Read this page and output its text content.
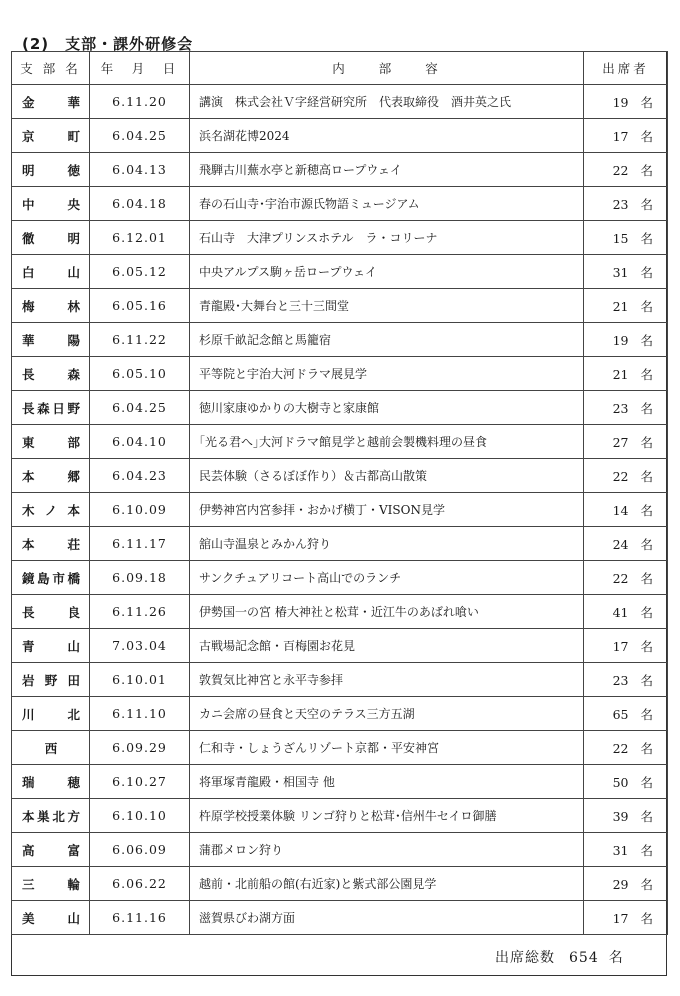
(2)　支部・課外研修会
支 部 名	年　月　日	内　　部　　容	出席者

金華	6.11.20	講演　株式会社Ｖ字経営研究所　代表取締役　酒井英之氏	19 名

京町	6.04.25	浜名湖花博2024	17 名

明徳	6.04.13	飛騨古川蕪水亭と新穂高ロープウェイ	22 名

中央	6.04.18	春の石山寺･宇治市源氏物語ミュージアム	23 名

徹明	6.12.01	石山寺　大津プリンスホテル　ラ・コリーナ	15 名

白山	6.05.12	中央アルプス駒ヶ岳ロープウェイ	31 名

梅林	6.05.16	青龍殿･大舞台と三十三間堂	21 名

華陽	6.11.22	杉原千畝記念館と馬籠宿	19 名

長森	6.05.10	平等院と宇治大河ドラマ展見学	21 名

長森日野	6.04.25	徳川家康ゆかりの大樹寺と家康館	23 名

東部	6.04.10	｢光る君へ｣大河ドラマ館見学と越前会製機料理の昼食	27 名

本郷	6.04.23	民芸体験（さるぼぼ作り）＆古都高山散策	22 名

木ノ本	6.10.09	伊勢神宮内宮参拝・おかげ横丁・VISON見学	14 名

本荘	6.11.17	舘山寺温泉とみかん狩り	24 名

鏡島市橋	6.09.18	サンクチュアリコート高山でのランチ	22 名

長良	6.11.26	伊勢国一の宮 椿大神社と松茸・近江牛のあばれ喰い	41 名

青山	7.03.04	古戦場記念館・百梅園お花見	17 名

岩野田	6.10.01	敦賀気比神宮と永平寺参拝	23 名

川北	6.11.10	カニ会席の昼食と天空のテラス三方五湖	65 名

西	6.09.29	仁和寺・しょうざんリゾート京都・平安神宮	22 名

瑞穂	6.10.27	将軍塚青龍殿・相国寺 他	50 名

本巣北方	6.10.10	杵原学校授業体験 リンゴ狩りと松茸･信州牛セイロ御膳	39 名

高富	6.06.09	蒲郡メロン狩り	31 名

三輪	6.06.22	越前・北前船の館(右近家)と紫式部公園見学	29 名

美山	6.11.16	滋賀県びわ湖方面	17 名
出席総数 654 名
